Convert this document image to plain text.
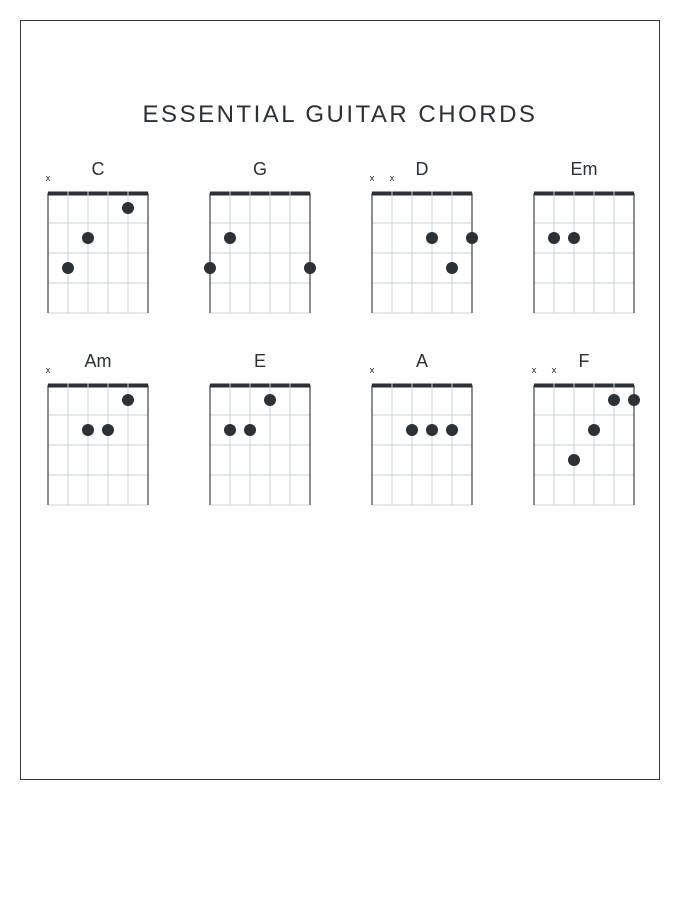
ESSENTIAL GUITAR CHORDS
C
x	G	D
x x	Em
Am
x	E	A
x	F
x x
